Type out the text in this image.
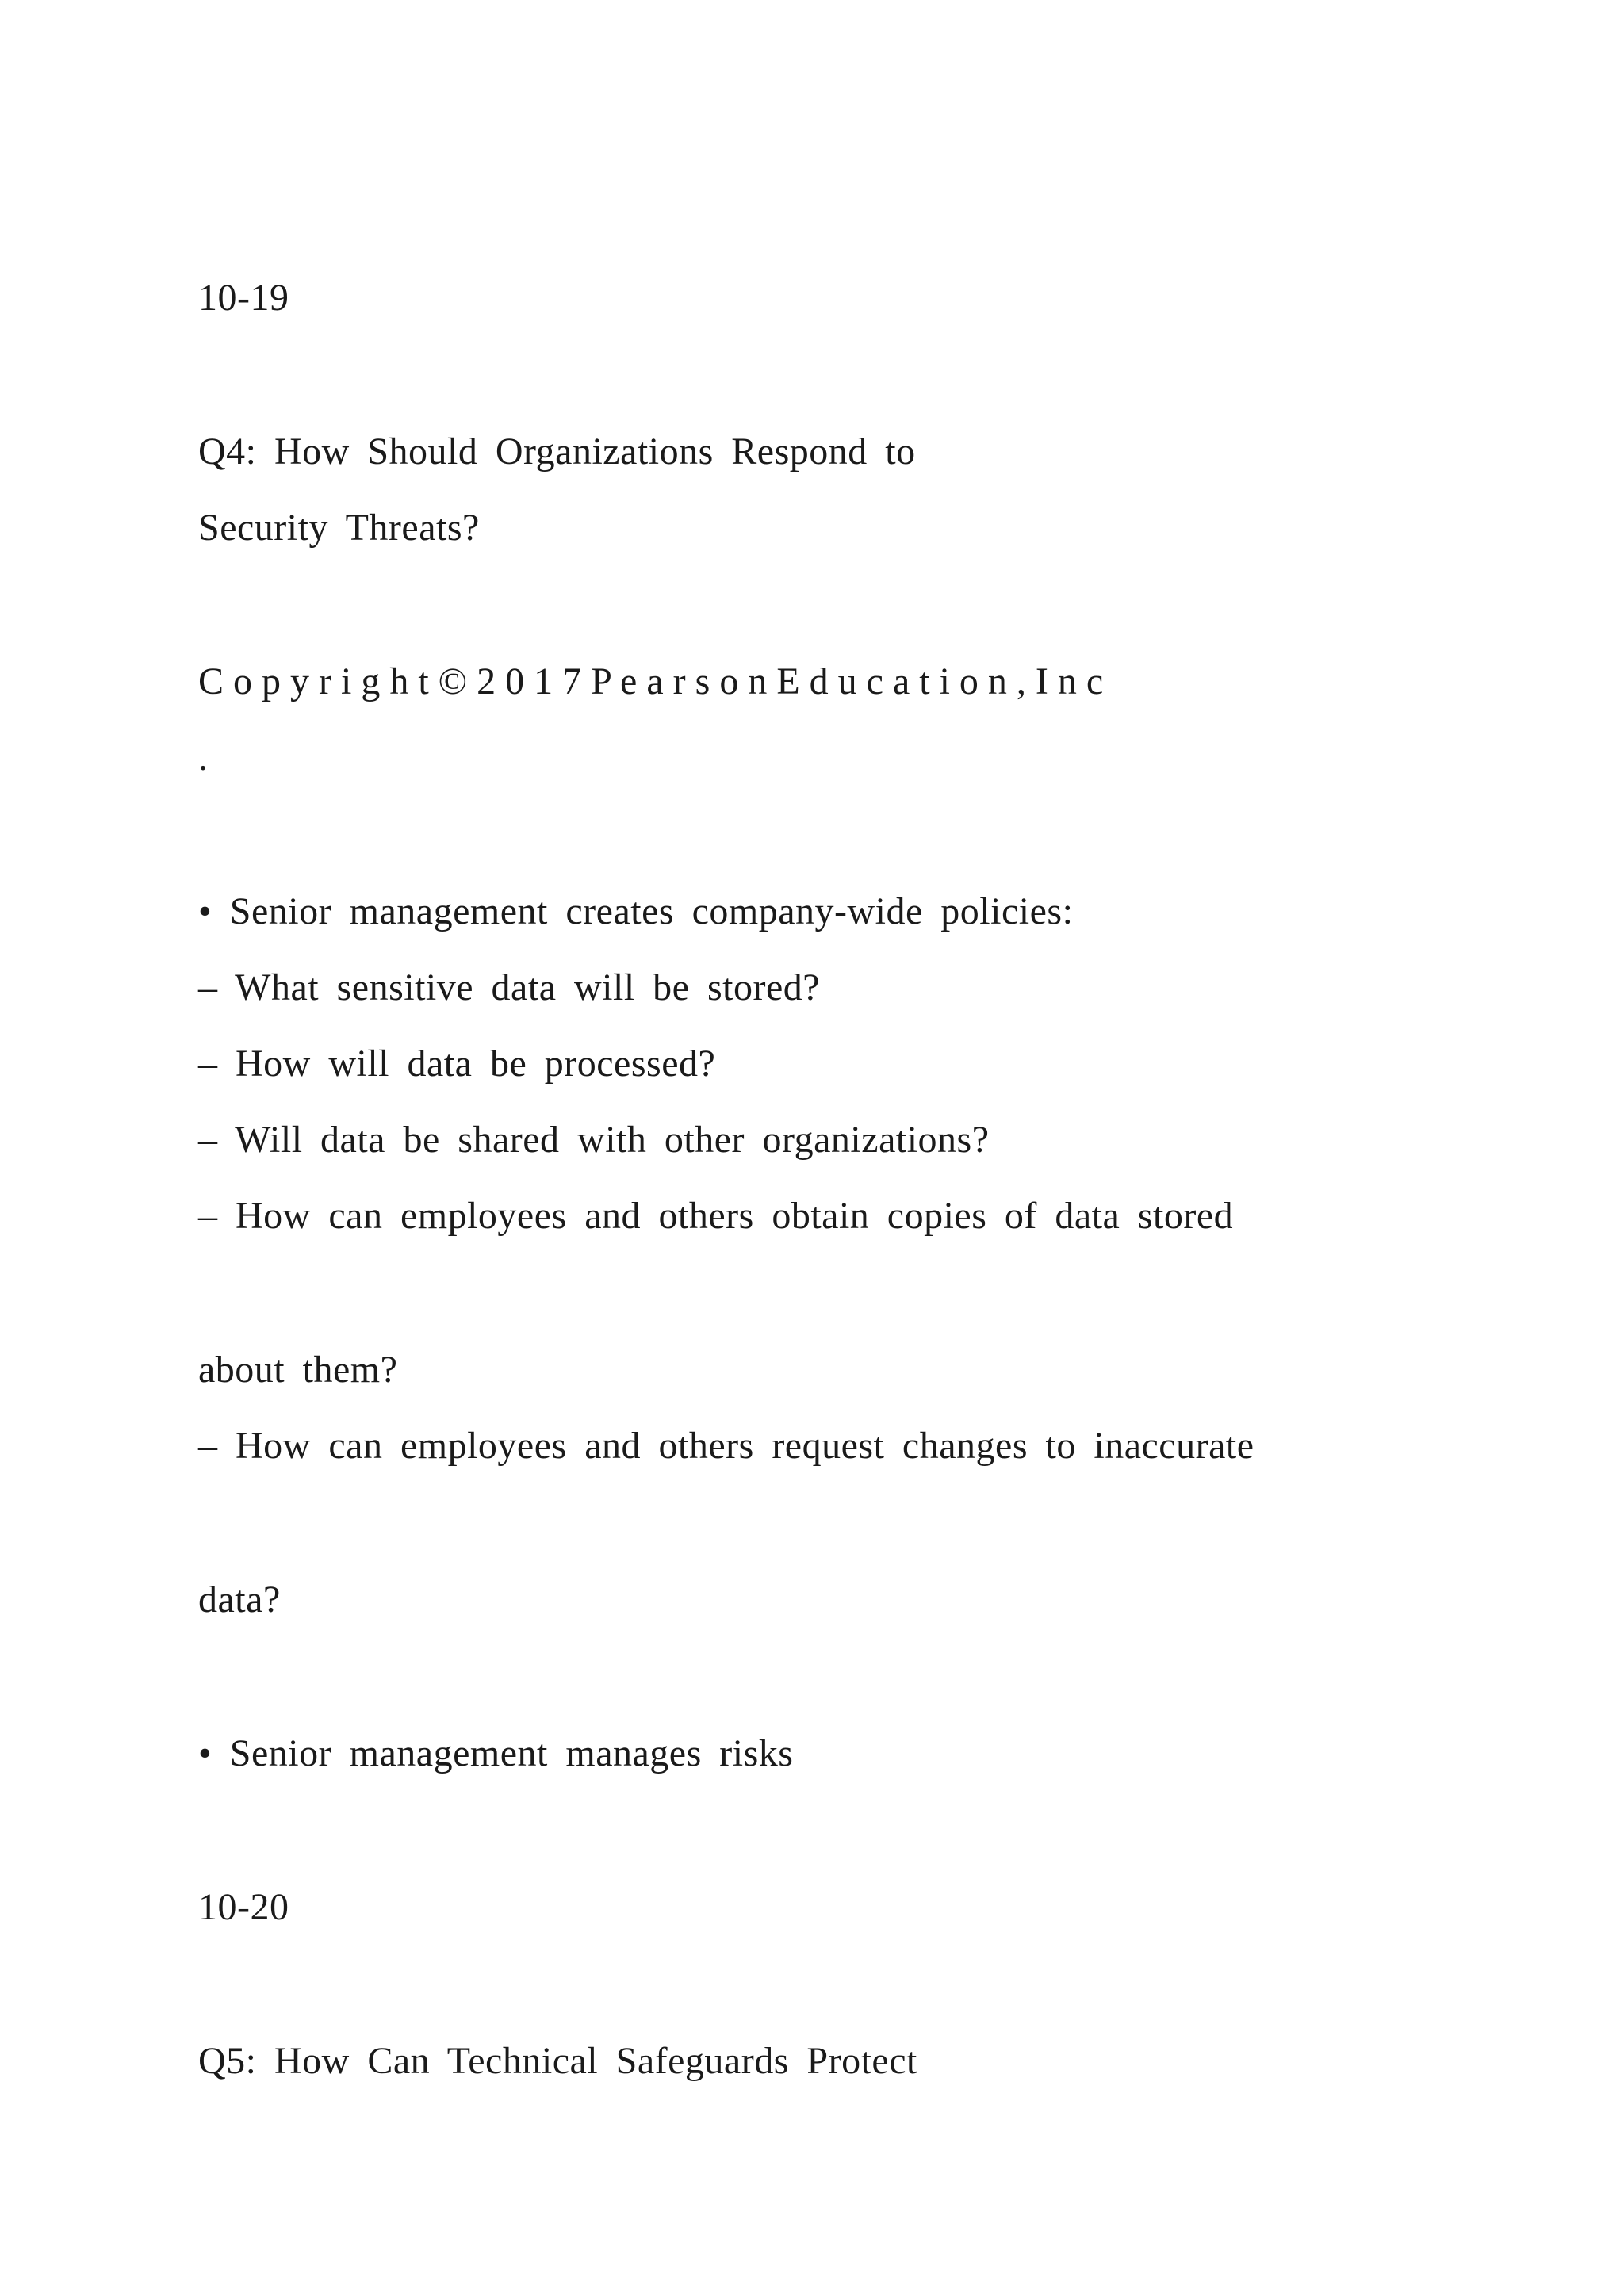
10-19
Q4: How Should Organizations Respond to
Security Threats?
C o p y r i g h t © 2 0 1 7 P e a r s o n E d u c a t i o n , I n c
.
• Senior management creates company-wide policies:
– What sensitive data will be stored?
– How will data be processed?
– Will data be shared with other organizations?
– How can employees and others obtain copies of data stored
about them?
– How can employees and others request changes to inaccurate
data?
• Senior management manages risks
10-20
Q5: How Can Technical Safeguards Protect
